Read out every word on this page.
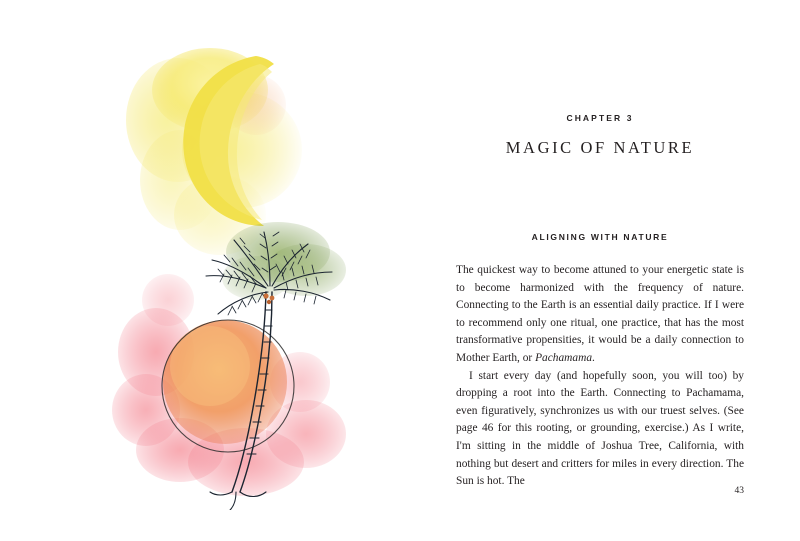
CHAPTER 3
MAGIC OF NATURE
ALIGNING WITH NATURE

The quickest way to become attuned to your energetic state is to become harmonized with the frequency of nature. Connecting to the Earth is an essential daily practice. If I were to recommend only one ritual, one practice, that has the most transformative propensities, it would be a daily connection to Mother Earth, or Pachamama.

I start every day (and hopefully soon, you will too) by dropping a root into the Earth. Connecting to Pachamama, even figuratively, synchronizes us with our truest selves. (See page 46 for this rooting, or grounding, exercise.) As I write, I'm sitting in the middle of Joshua Tree, California, with nothing but desert and critters for miles in every direction. The Sun is hot. The

43
